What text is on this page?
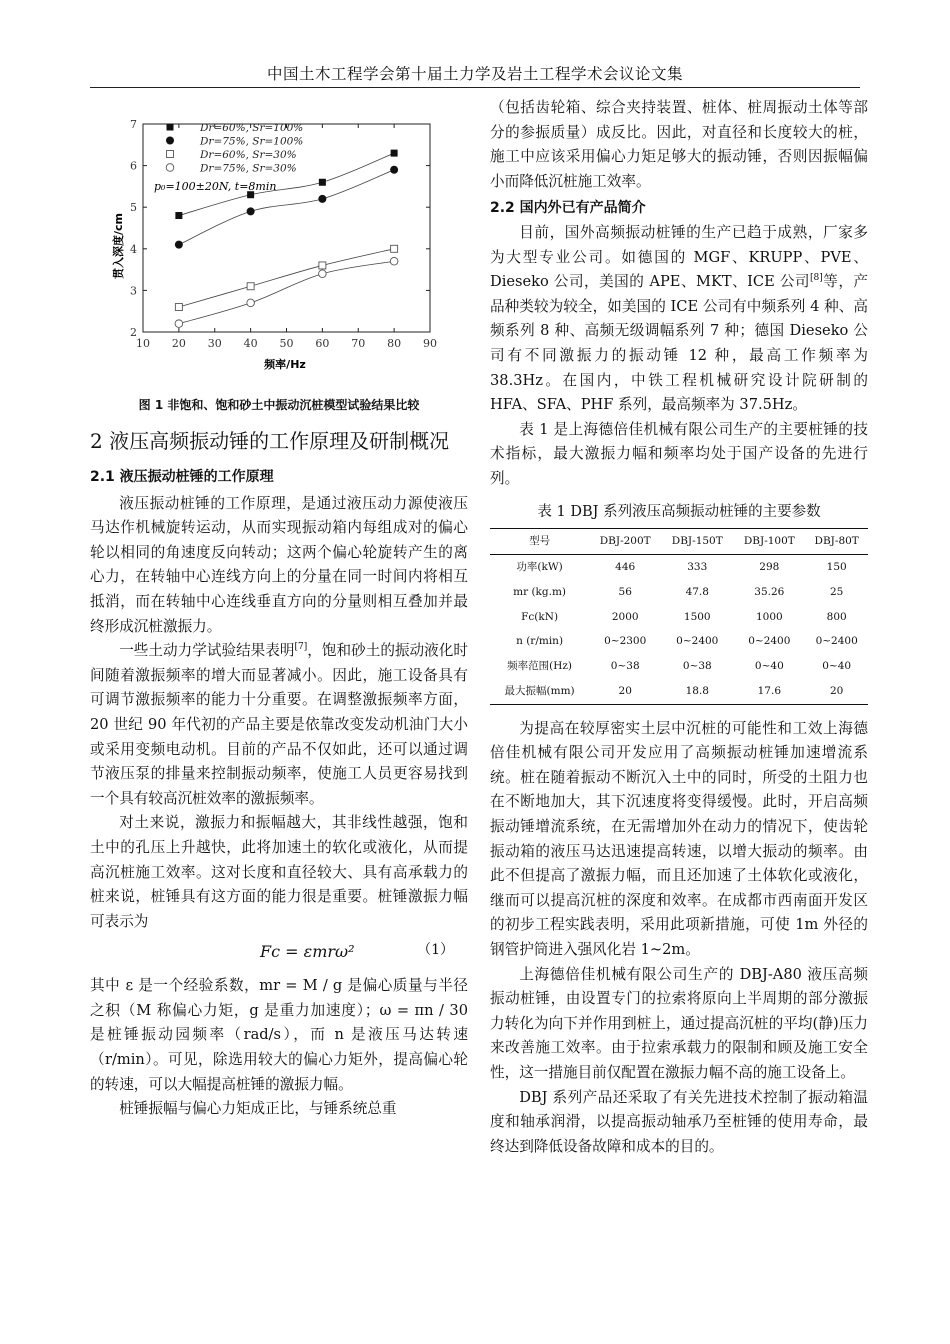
中国土木工程学会第十届土力学及岩土工程学术会议论文集
10 20 30 40 50 60 70 80 90
2
3
4
5
6
7	Dr=60%, Sr=100%
Dr=75%, Sr=100%
Dr=60%, Sr=30%
Dr=75%, Sr=30%
p₀=100±20N, t=8min
频率/Hz
贯入深度/cm
图 1 非饱和、饱和砂土中振动沉桩模型试验结果比较
2 液压高频振动锤的工作原理及研制概况
2.1 液压振动桩锤的工作原理

液压振动桩锤的工作原理，是通过液压动力源使液压马达作机械旋转运动，从而实现振动箱内每组成对的偏心轮以相同的角速度反向转动；这两个偏心轮旋转产生的离心力，在转轴中心连线方向上的分量在同一时间内将相互抵消，而在转轴中心连线垂直方向的分量则相互叠加并最终形成沉桩激振力。

一些土动力学试验结果表明[7]，饱和砂土的振动液化时间随着激振频率的增大而显著减小。因此，施工设备具有可调节激振频率的能力十分重要。在调整激振频率方面，20 世纪 90 年代初的产品主要是依靠改变发动机油门大小或采用变频电动机。目前的产品不仅如此，还可以通过调节液压泵的排量来控制振动频率，使施工人员更容易找到一个具有较高沉桩效率的激振频率。

对土来说，激振力和振幅越大，其非线性越强，饱和土中的孔压上升越快，此将加速土的软化或液化，从而提高沉桩施工效率。这对长度和直径较大、具有高承载力的桩来说，桩锤具有这方面的能力很是重要。桩锤激振力幅可表示为

Fc = εmrω²	（1）

其中 ε 是一个经验系数，mr = M / g 是偏心质量与半径之积（M 称偏心力矩，g 是重力加速度）；ω = πn / 30 是桩锤振动园频率（rad/s），而 n 是液压马达转速（r/min）。可见，除选用较大的偏心力矩外，提高偏心轮的转速，可以大幅提高桩锤的激振力幅。

桩锤振幅与偏心力矩成正比，与锤系统总重

（包括齿轮箱、综合夹持装置、桩体、桩周振动土体等部分的参振质量）成反比。因此，对直径和长度较大的桩，施工中应该采用偏心力矩足够大的振动锤，否则因振幅偏小而降低沉桩施工效率。

2.2 国内外已有产品简介

目前，国外高频振动桩锤的生产已趋于成熟，厂家多为大型专业公司。如德国的 MGF、KRUPP、PVE、Dieseko 公司，美国的 APE、MKT、ICE 公司[8]等，产品种类较为较全，如美国的 ICE 公司有中频系列 4 种、高频系列 8 种、高频无级调幅系列 7 种；德国 Dieseko 公司有不同激振力的振动锤 12 种，最高工作频率为 38.3Hz。在国内，中铁工程机械研究设计院研制的 HFA、SFA、PHF 系列，最高频率为 37.5Hz。

表 1 是上海德倍佳机械有限公司生产的主要桩锤的技术指标，最大激振力幅和频率均处于国产设备的先进行列。

表 1 DBJ 系列液压高频振动桩锤的主要参数

型号	DBJ-200T	DBJ-150T	DBJ-100T	DBJ-80T
功率(kW)	446	333	298	150
mr (kg.m)	56	47.8	35.26	25
Fc(kN)	2000	1500	1000	800
n (r/min)	0~2300	0~2400	0~2400	0~2400
频率范围(Hz)	0~38	0~38	0~40	0~40
最大振幅(mm)	20	18.8	17.6	20

为提高在较厚密实土层中沉桩的可能性和工效上海德倍佳机械有限公司开发应用了高频振动桩锤加速增流系统。桩在随着振动不断沉入土中的同时，所受的土阻力也在不断地加大，其下沉速度将变得缓慢。此时，开启高频振动锤增流系统，在无需增加外在动力的情况下，使齿轮振动箱的液压马达迅速提高转速，以增大振动的频率。由此不但提高了激振力幅，而且还加速了土体软化或液化，继而可以提高沉桩的深度和效率。在成都市西南面开发区的初步工程实践表明，采用此项新措施，可使 1m 外径的钢管护筒进入强风化岩 1~2m。

上海德倍佳机械有限公司生产的 DBJ-A80 液压高频振动桩锤，由设置专门的拉索将原向上半周期的部分激振力转化为向下并作用到桩上，通过提高沉桩的平均(静)压力来改善施工效率。由于拉索承载力的限制和顾及施工安全性，这一措施目前仅配置在激振力幅不高的施工设备上。

DBJ 系列产品还采取了有关先进技术控制了振动箱温度和轴承润滑，以提高振动轴承乃至桩锤的使用寿命，最终达到降低设备故障和成本的目的。
